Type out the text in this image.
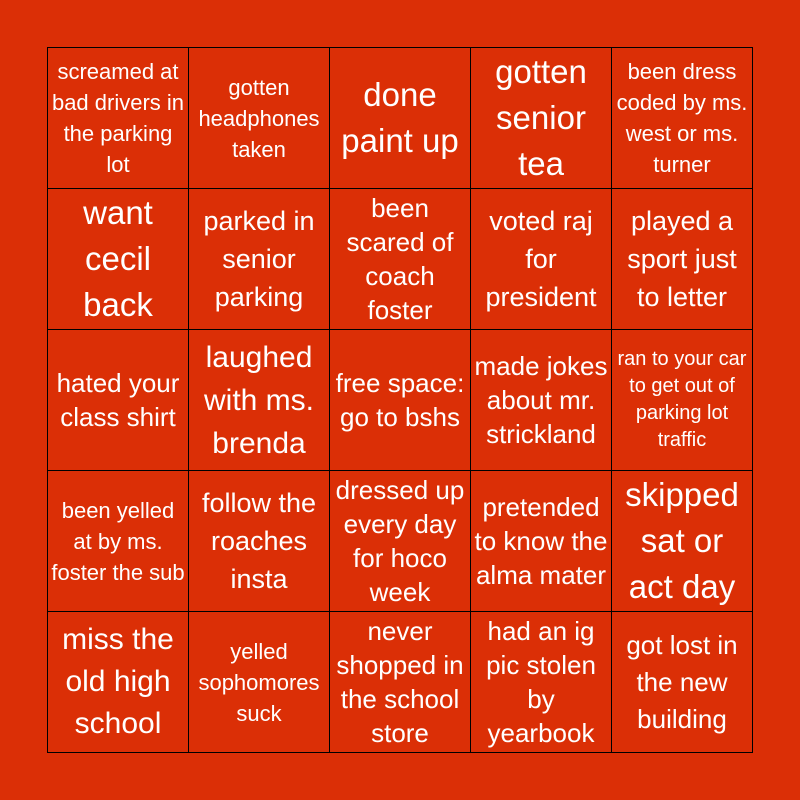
screamed at bad drivers in the parking lot
gotten headphones taken
done paint up
gotten senior tea
been dress coded by ms. west or ms. turner
want cecil back
parked in senior parking
been scared of coach foster
voted raj for president
played a sport just to letter
hated your class shirt
laughed with ms. brenda
free space: go to bshs
made jokes about mr. strickland
ran to your car to get out of parking lot traffic
been yelled at by ms. foster the sub
follow the roaches insta
dressed up every day for hoco week
pretended to know the alma mater
skipped sat or act day
miss the old high school
yelled sophomores suck
never shopped in the school store
had an ig pic stolen by yearbook
got lost in the new building
